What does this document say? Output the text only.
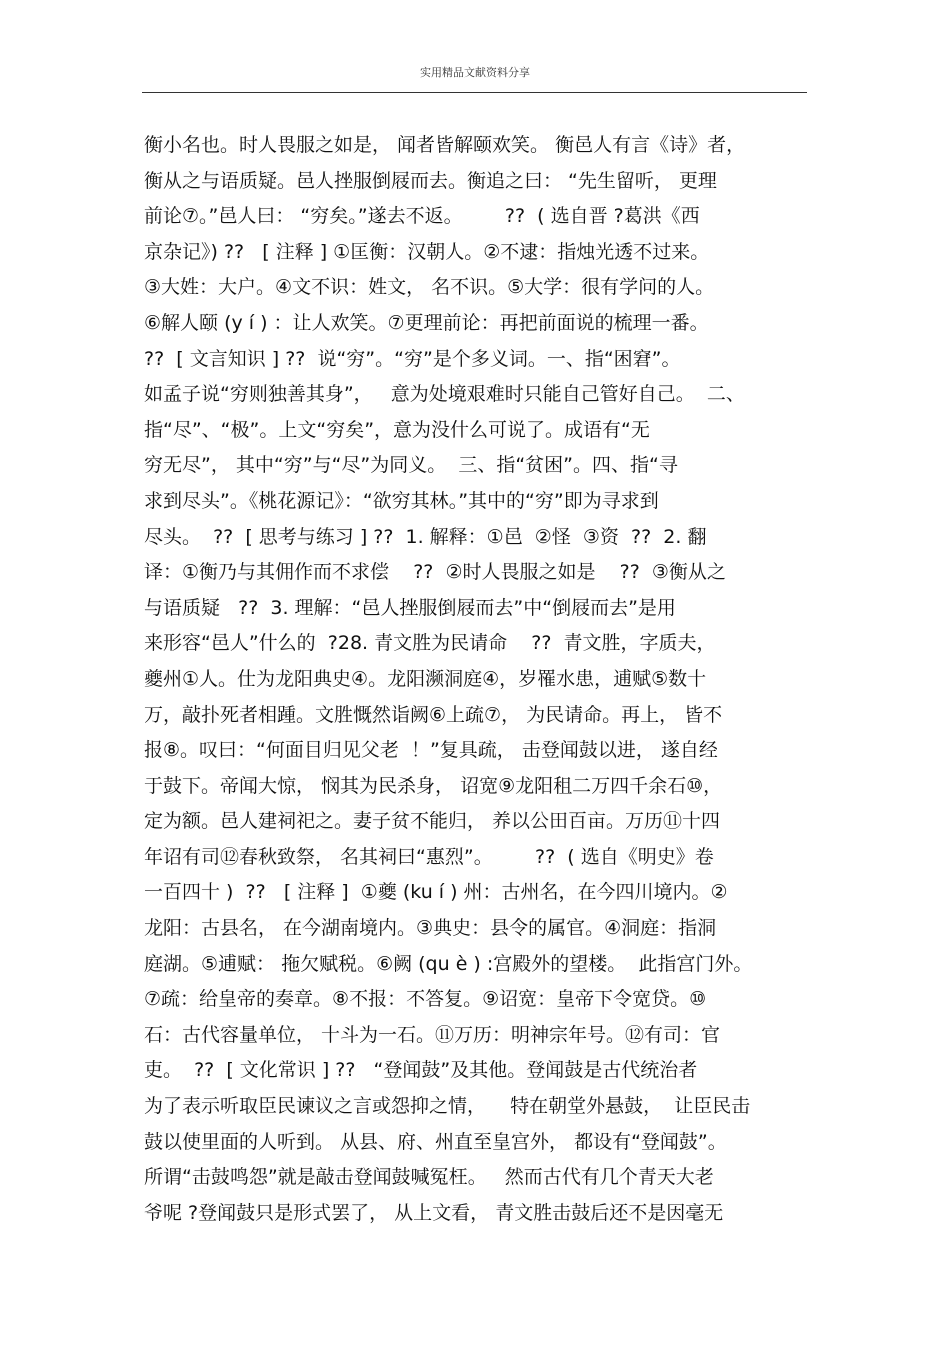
实用精品文献资料分享
衡小名也。时人畏服之如是， 闻者皆解颐欢笑。 衡邑人有言《诗》者，
衡从之与语质疑。邑人挫服倒屐而去。衡追之曰： “先生留听， 更理
前论⑦。”邑人曰： “穷矣。”遂去不返。       ??  ( 选自晋 ?葛洪《西
京杂记》) ??   [ 注释 ] ①匡衡：汉朝人。②不逮：指烛光透不过来。
③大姓：大户。④文不识：姓文， 名不识。⑤大学：很有学问的人。
⑥解人颐 (y í ) ：让人欢笑。⑦更理前论：再把前面说的梳理一番。
??  [ 文言知识 ] ??  说“穷”。“穷”是个多义词。一、指“困窘”。
如孟子说“穷则独善其身”，   意为处境艰难时只能自己管好自己。  二、
指“尽”、“极”。上文“穷矣”，意为没什么可说了。成语有“无
穷无尽”， 其中“穷”与“尽”为同义。  三、指“贫困”。四、指“寻
求到尽头”。《桃花源记》：“欲穷其林。”其中的“穷”即为寻求到
尽头。  ??  [ 思考与练习 ] ??  1. 解释：①邑  ②怪  ③资  ??  2. 翻
译：①衡乃与其佣作而不求偿    ??  ②时人畏服之如是    ??  ③衡从之
与语质疑   ??  3. 理解：“邑人挫服倒屐而去”中“倒屐而去”是用
来形容“邑人”什么的  ?28. 青文胜为民请命    ??  青文胜，字质夫，
夔州①人。仕为龙阳典史④。龙阳濒洞庭④，岁罹水患，逋赋⑤数十
万，敲扑死者相踵。文胜慨然诣阙⑥上疏⑦， 为民请命。再上， 皆不
报⑧。叹曰：“何面目归见父老  ！”复具疏， 击登闻鼓以进， 遂自经
于鼓下。帝闻大惊， 悯其为民杀身， 诏宽⑨龙阳租二万四千余石⑩，
定为额。邑人建祠祀之。妻子贫不能归， 养以公田百亩。万历⑪十四
年诏有司⑫春秋致祭， 名其祠曰“惠烈”。       ??  ( 选自《明史》卷
一百四十 )  ??   [ 注释 ]  ①夔 (ku í ) 州：古州名，在今四川境内。②
龙阳：古县名， 在今湖南境内。③典史：县令的属官。④洞庭：指洞
庭湖。⑤逋赋： 拖欠赋税。⑥阙 (qu è ) :宫殿外的望楼。  此指宫门外。
⑦疏：给皇帝的奏章。⑧不报：不答复。⑨诏宽：皇帝下令宽贷。⑩
石：古代容量单位， 十斗为一石。⑪万历：明神宗年号。⑫有司：官
吏。  ??  [ 文化常识 ] ??   “登闻鼓”及其他。登闻鼓是古代统治者
为了表示听取臣民谏议之言或怨抑之情，    特在朝堂外悬鼓，  让臣民击
鼓以使里面的人听到。 从县、府、州直至皇宫外， 都设有“登闻鼓”。
所谓“击鼓鸣怨”就是敲击登闻鼓喊冤枉。   然而古代有几个青天大老
爷呢 ?登闻鼓只是形式罢了， 从上文看， 青文胜击鼓后还不是因毫无
